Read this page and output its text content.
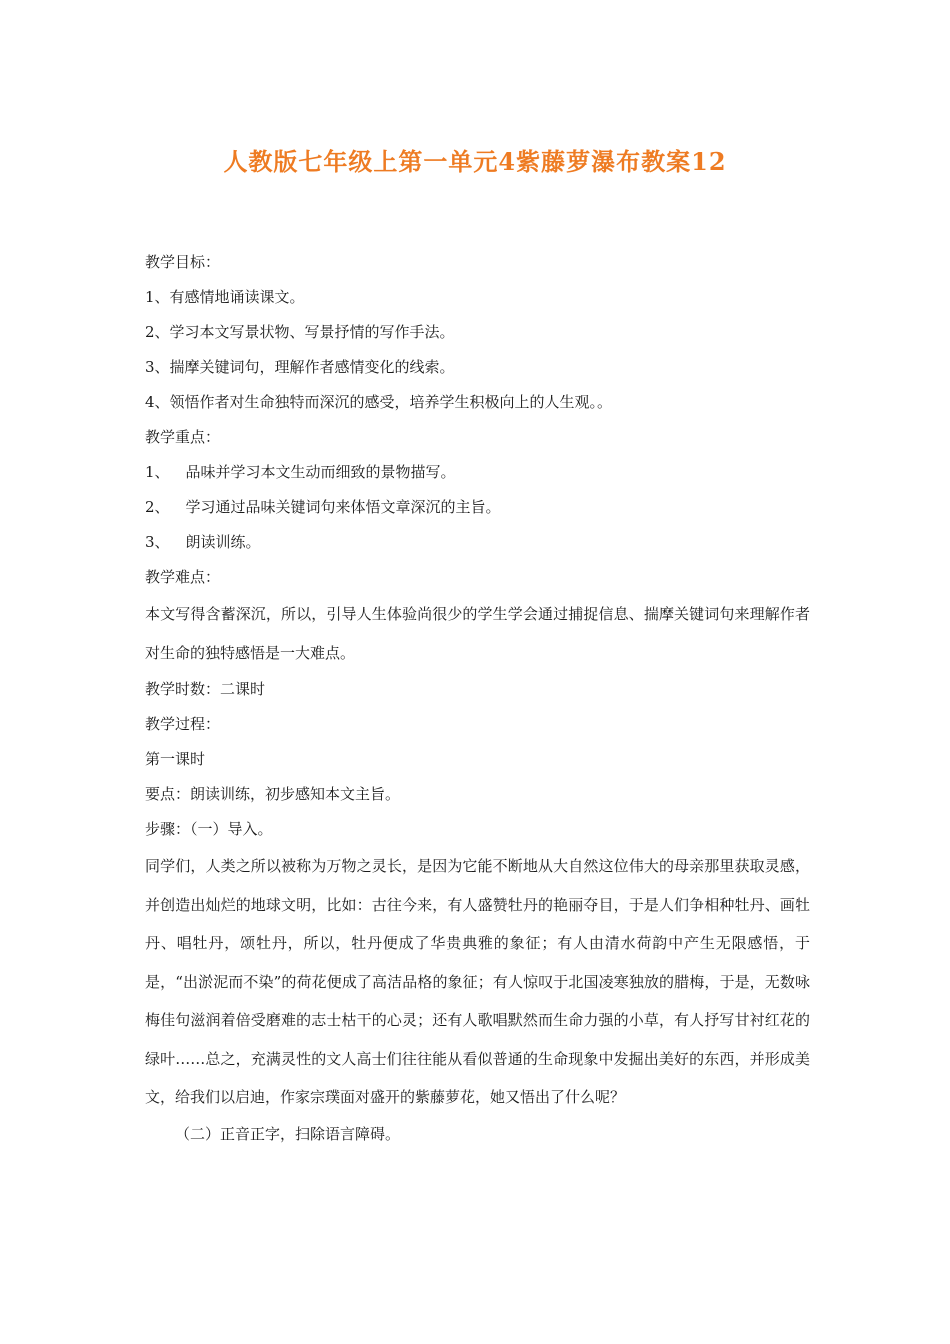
人教版七年级上第一单元4紫藤萝瀑布教案12
教学目标：
1、有感情地诵读课文。
2、学习本文写景状物、写景抒情的写作手法。
3、揣摩关键词句，理解作者感情变化的线索。
4、领悟作者对生命独特而深沉的感受，培养学生积极向上的人生观。。
教学重点：
1、 品味并学习本文生动而细致的景物描写。
2、 学习通过品味关键词句来体悟文章深沉的主旨。
3、 朗读训练。
教学难点：
本文写得含蓄深沉，所以，引导人生体验尚很少的学生学会通过捕捉信息、揣摩关键词句来理解作者对生命的独特感悟是一大难点。
教学时数：二课时
教学过程：
第一课时
要点：朗读训练，初步感知本文主旨。
步骤：（一）导入。
同学们，人类之所以被称为万物之灵长，是因为它能不断地从大自然这位伟大的母亲那里获取灵感，并创造出灿烂的地球文明，比如：古往今来，有人盛赞牡丹的艳丽夺目，于是人们争相种牡丹、画牡丹、唱牡丹，颂牡丹，所以，牡丹便成了华贵典雅的象征；有人由清水荷韵中产生无限感悟，于是，“出淤泥而不染”的荷花便成了高洁品格的象征；有人惊叹于北国凌寒独放的腊梅，于是，无数咏梅佳句滋润着倍受磨难的志士枯干的心灵；还有人歌唱默然而生命力强的小草，有人抒写甘衬红花的绿叶……总之，充满灵性的文人高士们往往能从看似普通的生命现象中发掘出美好的东西，并形成美文，给我们以启迪，作家宗璞面对盛开的紫藤萝花，她又悟出了什么呢？
（二）正音正字，扫除语言障碍。
